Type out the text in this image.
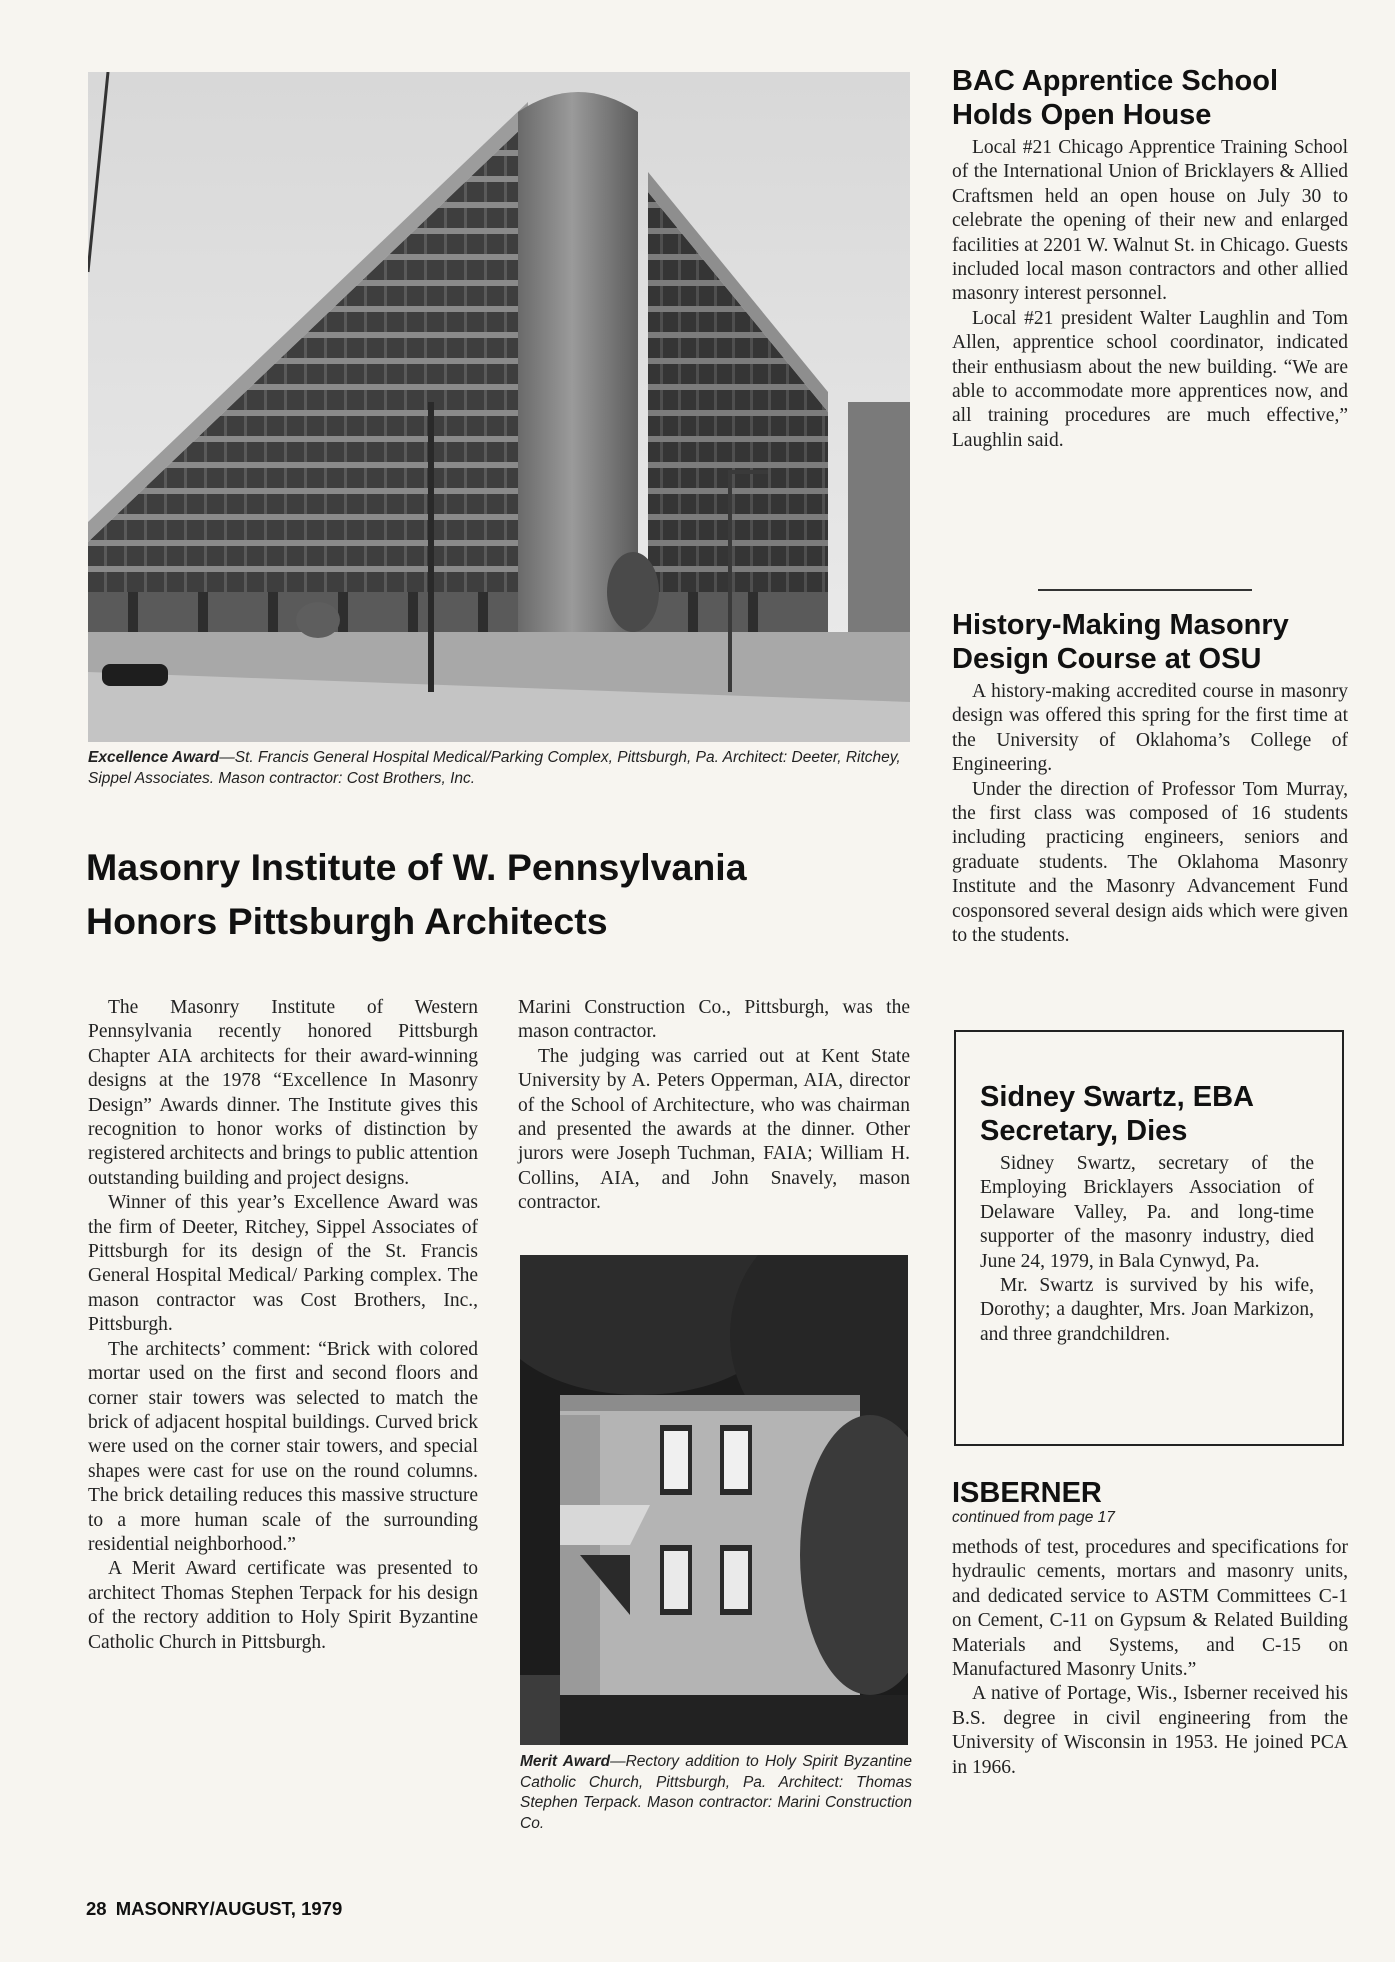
Excellence Award—St. Francis General Hospital Medical/Parking Complex, Pittsburgh, Pa. Architect: Deeter, Ritchey, Sippel Associates. Mason contractor: Cost Brothers, Inc.
Masonry Institute of W. Pennsylvania
Honors Pittsburgh Architects

The Masonry Institute of Western Pennsylvania recently honored Pittsburgh Chapter AIA architects for their award-winning designs at the 1978 “Excellence In Masonry Design” Awards dinner. The Institute gives this recognition to honor works of distinction by registered architects and brings to public attention outstanding building and project designs.

Winner of this year’s Excellence Award was the firm of Deeter, Ritchey, Sippel Associates of Pittsburgh for its design of the St. Francis General Hospital Medical/ Parking complex. The mason contractor was Cost Brothers, Inc., Pittsburgh.

The architects’ comment: “Brick with colored mortar used on the first and second floors and corner stair towers was selected to match the brick of adjacent hospital buildings. Curved brick were used on the corner stair towers, and special shapes were cast for use on the round columns. The brick detailing reduces this massive structure to a more human scale of the surrounding residential neighborhood.”

A Merit Award certificate was presented to architect Thomas Stephen Terpack for his design of the rectory addition to Holy Spirit Byzantine Catholic Church in Pittsburgh.

Marini Construction Co., Pittsburgh, was the mason contractor.

The judging was carried out at Kent State University by A. Peters Opperman, AIA, director of the School of Architecture, who was chairman and presented the awards at the dinner. Other jurors were Joseph Tuchman, FAIA; William H. Collins, AIA, and John Snavely, mason contractor.

Merit Award—Rectory addition to Holy Spirit Byzantine Catholic Church, Pittsburgh, Pa. Architect: Thomas Stephen Terpack. Mason contractor: Marini Construction Co.
BAC Apprentice School
Holds Open House

Local #21 Chicago Apprentice Training School of the International Union of Bricklayers & Allied Craftsmen held an open house on July 30 to celebrate the opening of their new and enlarged facilities at 2201 W. Walnut St. in Chicago. Guests included local mason contractors and other allied masonry interest personnel.

Local #21 president Walter Laughlin and Tom Allen, apprentice school coordinator, indicated their enthusiasm about the new building. “We are able to accommodate more apprentices now, and all training procedures are much effective,” Laughlin said.

History-Making Masonry
Design Course at OSU

A history-making accredited course in masonry design was offered this spring for the first time at the University of Oklahoma’s College of Engineering.

Under the direction of Professor Tom Murray, the first class was composed of 16 students including practicing engineers, seniors and graduate students. The Oklahoma Masonry Institute and the Masonry Advancement Fund cosponsored several design aids which were given to the students.

Sidney Swartz, EBA
Secretary, Dies

Sidney Swartz, secretary of the Employing Bricklayers Association of Delaware Valley, Pa. and long-time supporter of the masonry industry, died June 24, 1979, in Bala Cynwyd, Pa.

Mr. Swartz is survived by his wife, Dorothy; a daughter, Mrs. Joan Markizon, and three grandchildren.

ISBERNER
continued from page 17

methods of test, procedures and specifications for hydraulic cements, mortars and masonry units, and dedicated service to ASTM Committees C-1 on Cement, C-11 on Gypsum & Related Building Materials and Systems, and C-15 on Manufactured Masonry Units.”

A native of Portage, Wis., Isberner received his B.S. degree in civil engineering from the University of Wisconsin in 1953. He joined PCA in 1966.

28 MASONRY/AUGUST, 1979
